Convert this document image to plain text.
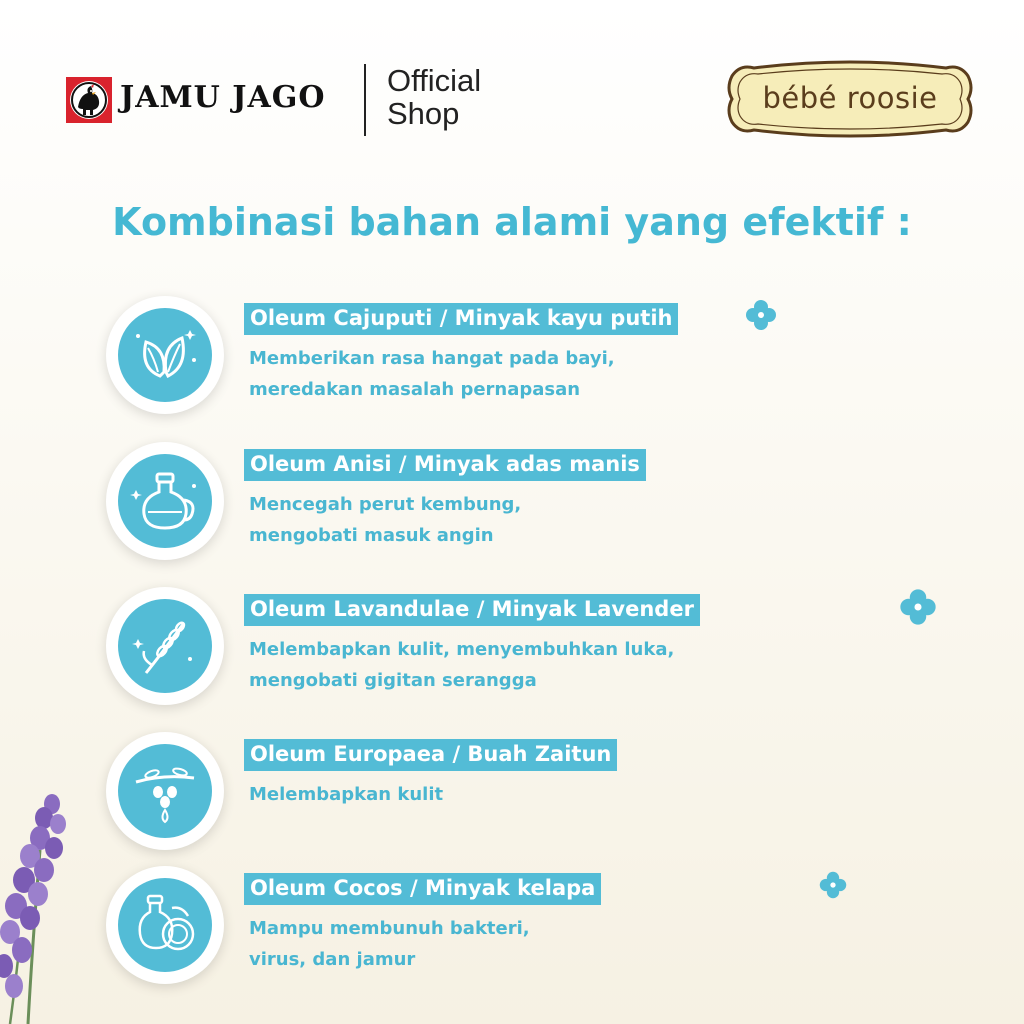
JAMU JAGO Official
Shop	bébé roosie
Kombinasi bahan alami yang efektif :
Oleum Cajuputi / Minyak kayu putih
Memberikan rasa hangat pada bayi,
meredakan masalah pernapasan
Oleum Anisi / Minyak adas manis
Mencegah perut kembung,
mengobati masuk angin
Oleum Lavandulae / Minyak Lavender
Melembapkan kulit, menyembuhkan luka,
mengobati gigitan serangga
Oleum Europaea / Buah Zaitun
Melembapkan kulit
Oleum Cocos / Minyak kelapa
Mampu membunuh bakteri,
virus, dan jamur
